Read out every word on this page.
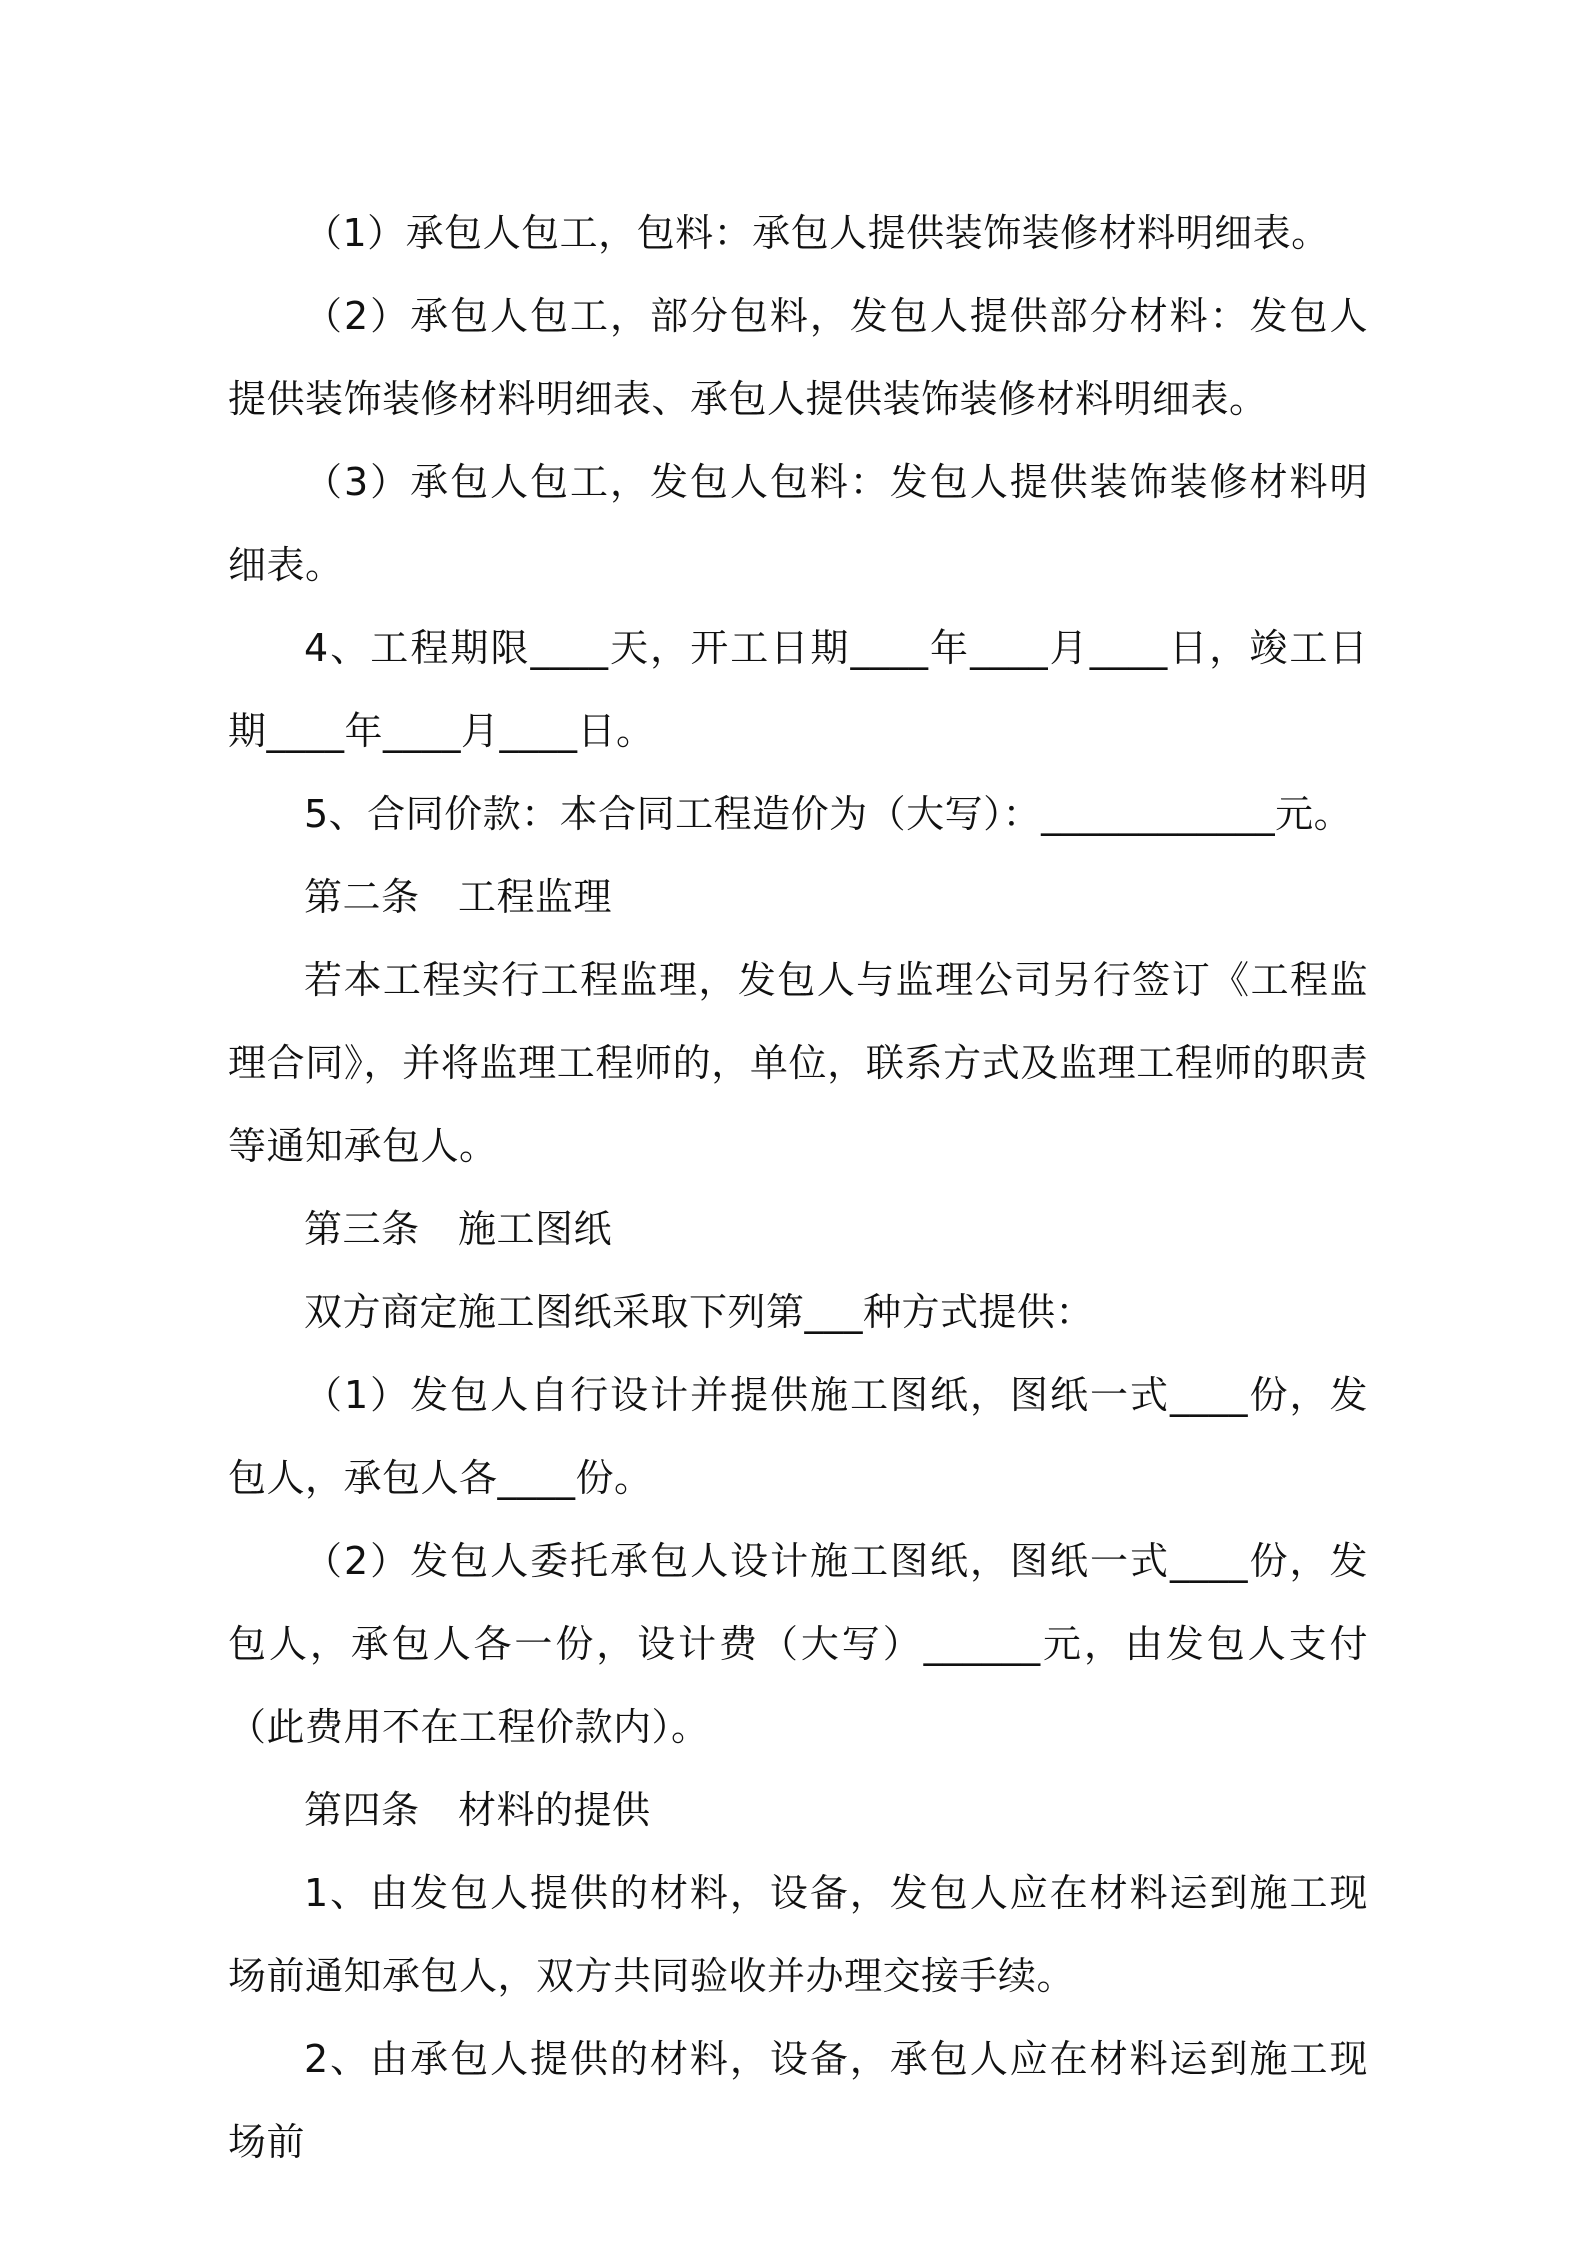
（1）承包人包工，包料：承包人提供装饰装修材料明细表。

（2）承包人包工，部分包料，发包人提供部分材料：发包人提供装饰装修材料明细表、承包人提供装饰装修材料明细表。

（3）承包人包工，发包人包料：发包人提供装饰装修材料明细表。

4、工程期限____天，开工日期____年____月____日，竣工日期____年____月____日。

5、合同价款：本合同工程造价为（大写）：____________元。

第二条　工程监理

若本工程实行工程监理，发包人与监理公司另行签订《工程监理合同》，并将监理工程师的，单位，联系方式及监理工程师的职责等通知承包人。

第三条　施工图纸

双方商定施工图纸采取下列第___种方式提供：

（1）发包人自行设计并提供施工图纸，图纸一式____份，发包人，承包人各____份。

（2）发包人委托承包人设计施工图纸，图纸一式____份，发包人，承包人各一份，设计费（大写）______元，由发包人支付（此费用不在工程价款内）。

第四条　材料的提供

1、由发包人提供的材料，设备，发包人应在材料运到施工现场前通知承包人，双方共同验收并办理交接手续。

2、由承包人提供的材料，设备，承包人应在材料运到施工现场前
